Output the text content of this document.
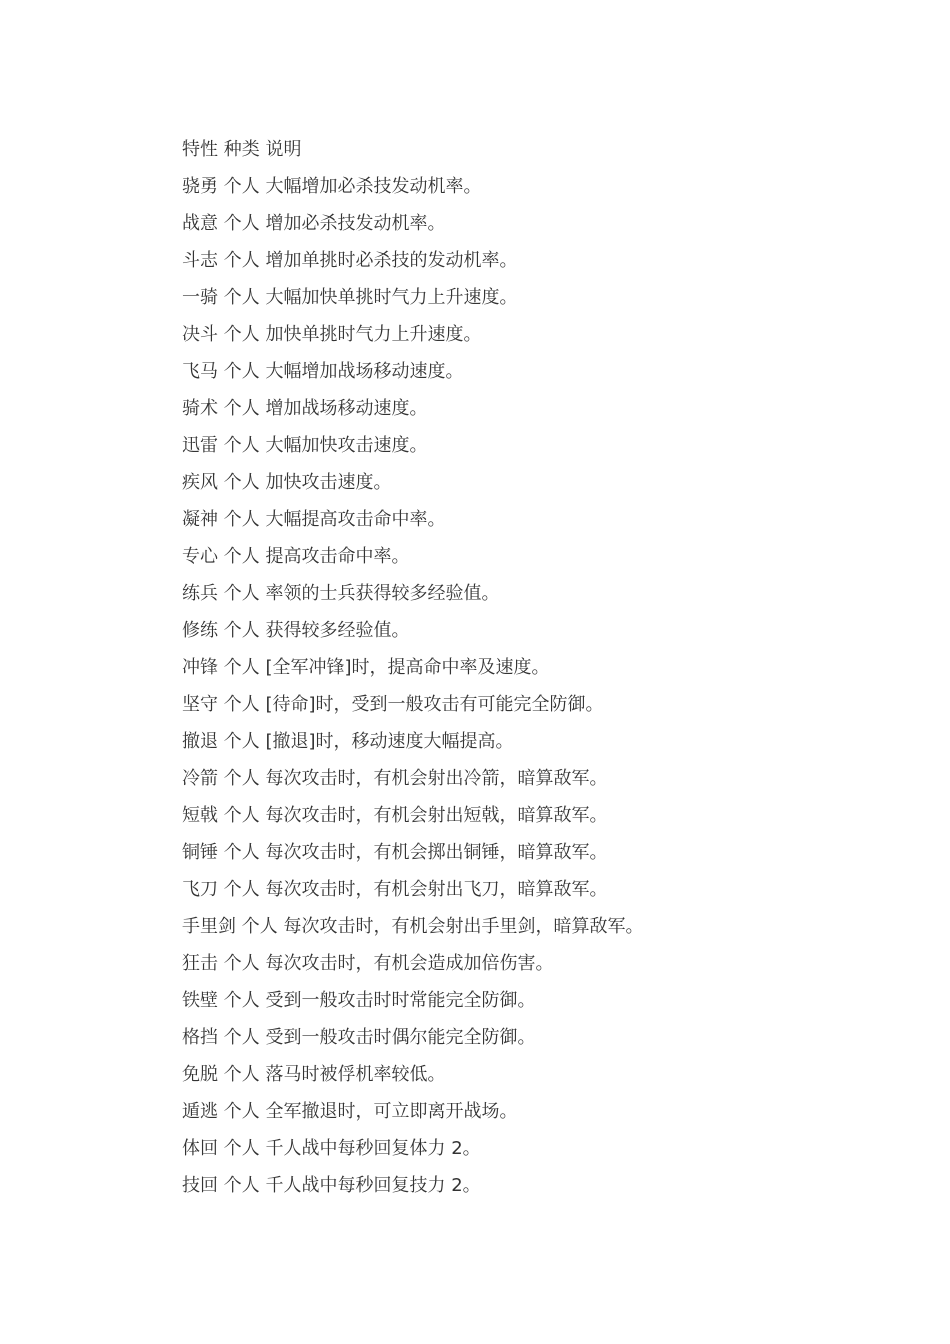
特性 种类 说明
骁勇 个人 大幅增加必杀技发动机率。
战意 个人 增加必杀技发动机率。
斗志 个人 增加单挑时必杀技的发动机率。
一骑 个人 大幅加快单挑时气力上升速度。
决斗 个人 加快单挑时气力上升速度。
飞马 个人 大幅增加战场移动速度。
骑术 个人 增加战场移动速度。
迅雷 个人 大幅加快攻击速度。
疾风 个人 加快攻击速度。
凝神 个人 大幅提高攻击命中率。
专心 个人 提高攻击命中率。
练兵 个人 率领的士兵获得较多经验值。
修练 个人 获得较多经验值。
冲锋 个人 [全军冲锋]时，提高命中率及速度。
坚守 个人 [待命]时，受到一般攻击有可能完全防御。
撤退 个人 [撤退]时，移动速度大幅提高。
冷箭 个人 每次攻击时，有机会射出冷箭，暗算敌军。
短戟 个人 每次攻击时，有机会射出短戟，暗算敌军。
铜锤 个人 每次攻击时，有机会掷出铜锤，暗算敌军。
飞刀 个人 每次攻击时，有机会射出飞刀，暗算敌军。
手里剑 个人 每次攻击时，有机会射出手里剑，暗算敌军。
狂击 个人 每次攻击时，有机会造成加倍伤害。
铁壁 个人 受到一般攻击时时常能完全防御。
格挡 个人 受到一般攻击时偶尔能完全防御。
免脱 个人 落马时被俘机率较低。
遁逃 个人 全军撤退时，可立即离开战场。
体回 个人 千人战中每秒回复体力 2。
技回 个人 千人战中每秒回复技力 2。
